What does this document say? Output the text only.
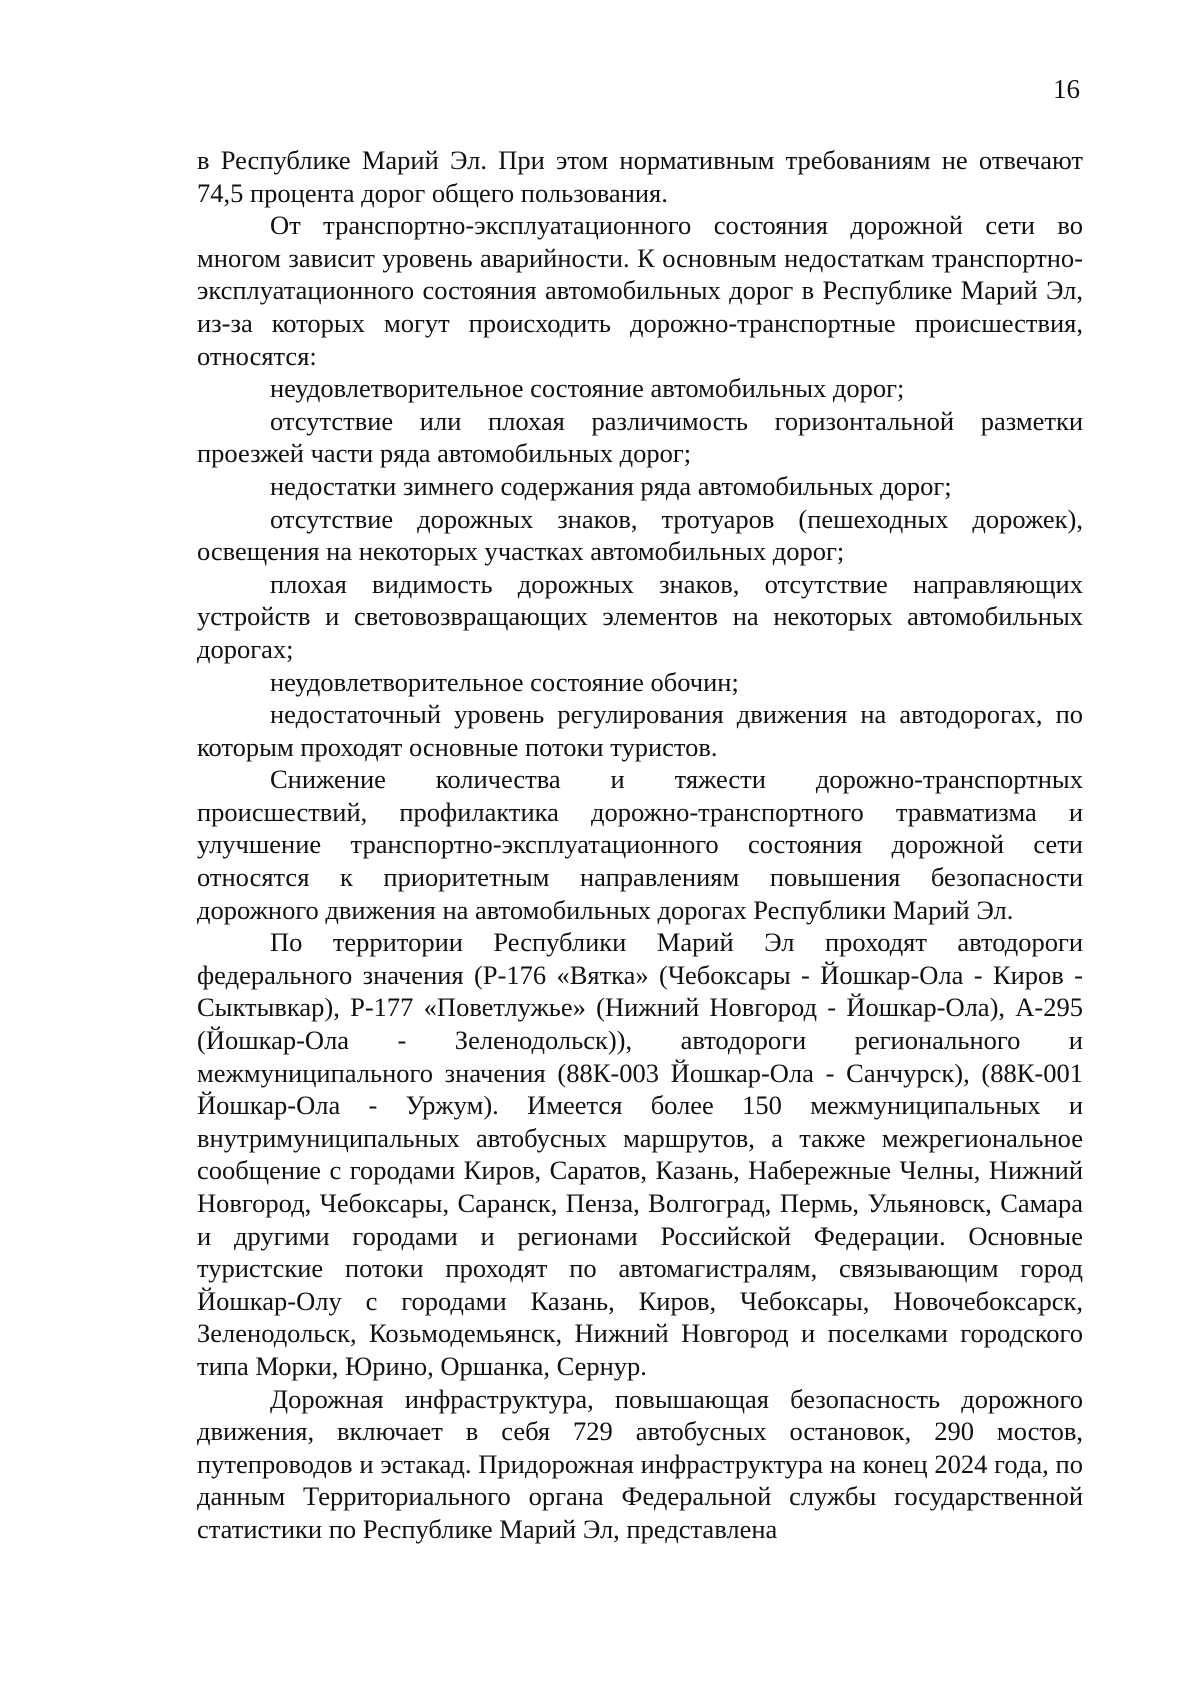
16

в Республике Марий Эл. При этом нормативным требованиям не отвечают 74,5 процента дорог общего пользования.

От транспортно-эксплуатационного состояния дорожной сети во многом зависит уровень аварийности. К основным недостаткам транспортно-эксплуатационного состояния автомобильных дорог в Республике Марий Эл, из-за которых могут происходить дорожно-транспортные происшествия, относятся:

неудовлетворительное состояние автомобильных дорог;

отсутствие или плохая различимость горизонтальной разметки проезжей части ряда автомобильных дорог;

недостатки зимнего содержания ряда автомобильных дорог;

отсутствие дорожных знаков, тротуаров (пешеходных дорожек), освещения на некоторых участках автомобильных дорог;

плохая видимость дорожных знаков, отсутствие направляющих устройств и световозвращающих элементов на некоторых автомобильных дорогах;

неудовлетворительное состояние обочин;

недостаточный уровень регулирования движения на автодорогах, по которым проходят основные потоки туристов.

Снижение количества и тяжести дорожно-транспортных происшествий, профилактика дорожно-транспортного травматизма и улучшение транспортно-эксплуатационного состояния дорожной сети относятся к приоритетным направлениям повышения безопасности дорожного движения на автомобильных дорогах Республики Марий Эл.

По территории Республики Марий Эл проходят автодороги федерального значения (Р-176 «Вятка» (Чебоксары - Йошкар-Ола - Киров - Сыктывкар), Р-177 «Поветлужье» (Нижний Новгород - Йошкар-Ола), А-295 (Йошкар-Ола - Зеленодольск)), автодороги регионального и межмуниципального значения (88К-003 Йошкар-Ола - Санчурск), (88К-001 Йошкар-Ола - Уржум). Имеется более 150 межмуниципальных и внутримуниципальных автобусных маршрутов, а также межрегиональное сообщение с городами Киров, Саратов, Казань, Набережные Челны, Нижний Новгород, Чебоксары, Саранск, Пенза, Волгоград, Пермь, Ульяновск, Самара и другими городами и регионами Российской Федерации. Основные туристские потоки проходят по автомагистралям, связывающим город Йошкар-Олу с городами Казань, Киров, Чебоксары, Новочебоксарск, Зеленодольск, Козьмодемьянск, Нижний Новгород и поселками городского типа Морки, Юрино, Оршанка, Сернур.

Дорожная инфраструктура, повышающая безопасность дорожного движения, включает в себя 729 автобусных остановок, 290 мостов, путепроводов и эстакад. Придорожная инфраструктура на конец 2024 года, по данным Территориального органа Федеральной службы государственной статистики по Республике Марий Эл, представлена
